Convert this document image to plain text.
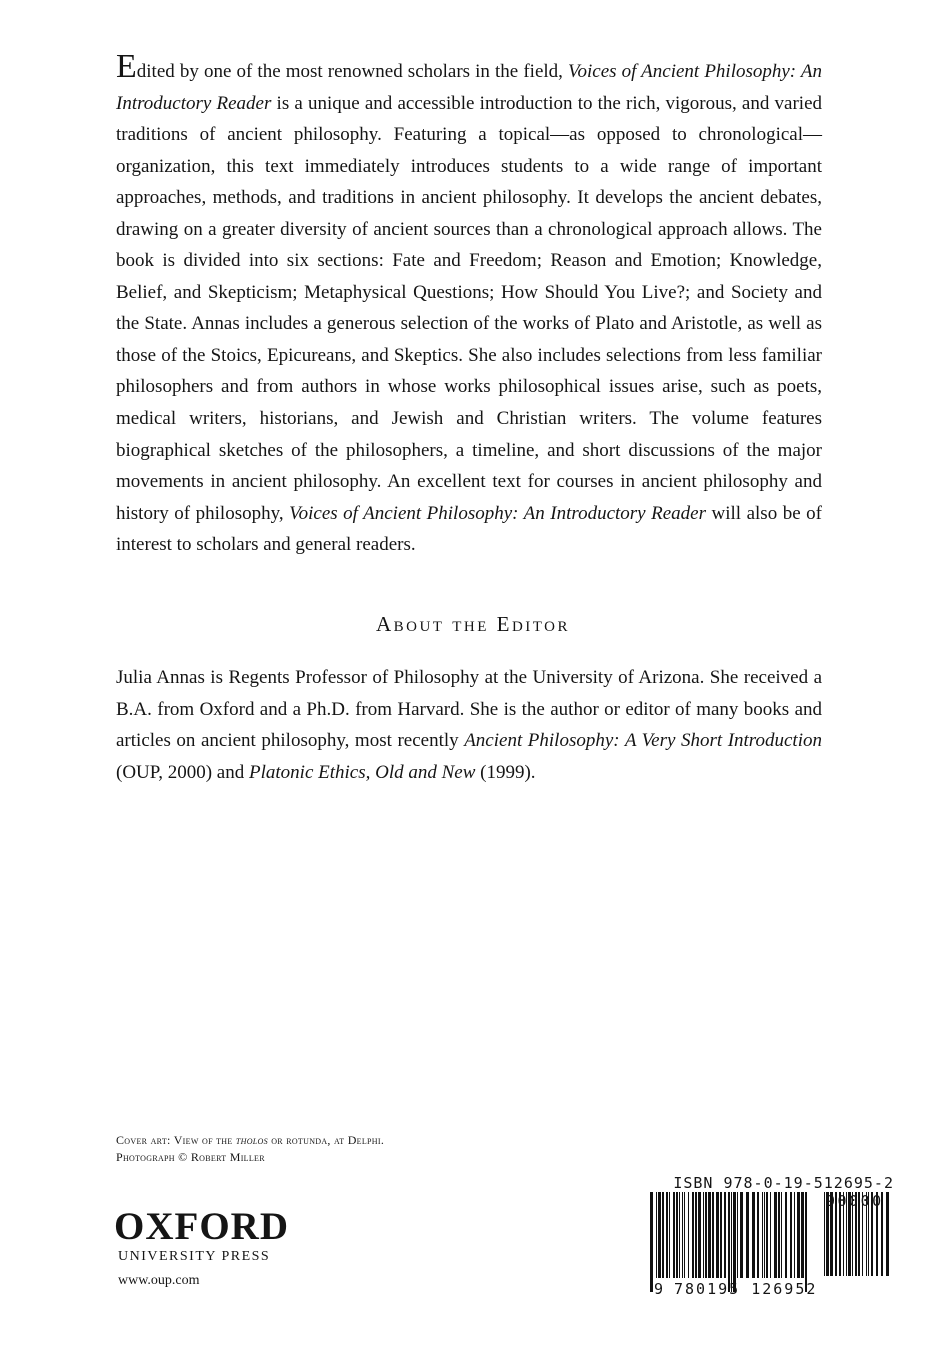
Edited by one of the most renowned scholars in the field, Voices of Ancient Philosophy: An Introductory Reader is a unique and accessible introduction to the rich, vigorous, and varied traditions of ancient philosophy. Featuring a topical—as opposed to chronological—organization, this text immediately introduces students to a wide range of important approaches, methods, and traditions in ancient philosophy. It develops the ancient debates, drawing on a greater diversity of ancient sources than a chronological approach allows. The book is divided into six sections: Fate and Freedom; Reason and Emotion; Knowledge, Belief, and Skepticism; Metaphysical Questions; How Should You Live?; and Society and the State. Annas includes a generous selection of the works of Plato and Aristotle, as well as those of the Stoics, Epicureans, and Skeptics. She also includes selections from less familiar philosophers and from authors in whose works philosophical issues arise, such as poets, medical writers, historians, and Jewish and Christian writers. The volume features biographical sketches of the philosophers, a timeline, and short discussions of the major movements in ancient philosophy. An excellent text for courses in ancient philosophy and history of philosophy, Voices of Ancient Philosophy: An Introductory Reader will also be of interest to scholars and general readers.

About the Editor

Julia Annas is Regents Professor of Philosophy at the University of Arizona. She received a B.A. from Oxford and a Ph.D. from Harvard. She is the author or editor of many books and articles on ancient philosophy, most recently Ancient Philosophy: A Very Short Introduction (OUP, 2000) and Platonic Ethics, Old and New (1999).

Cover art: View of the tholos or rotunda, at Delphi.
Photograph © Robert Miller
OXFORD
UNIVERSITY PRESS
www.oup.com
ISBN 978-0-19-512695-2
90000
9 780195 126952
